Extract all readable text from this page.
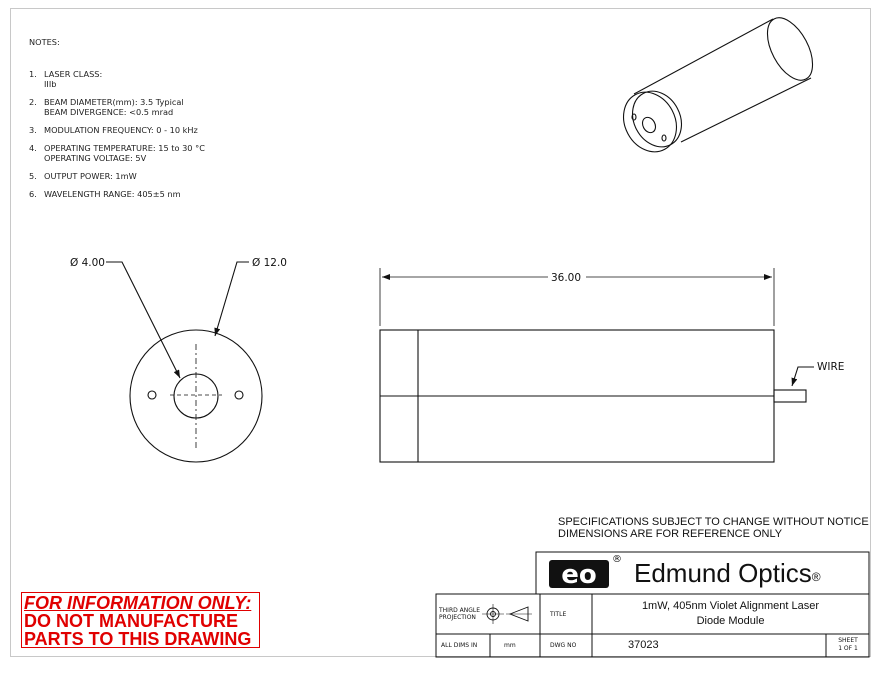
NOTES:

1. LASER CLASS:
IIIb
2. BEAM DIAMETER(mm): 3.5 Typical
BEAM DIVERGENCE: <0.5 mrad
3. MODULATION FREQUENCY: 0 - 10 kHz
4. OPERATING TEMPERATURE: 15 to 30 °C
OPERATING VOLTAGE: 5V
5. OUTPUT POWER: 1mW
6. WAVELENGTH RANGE: 405±5 nm
Ø 4.00	Ø 12.0
36.00
WIRE
eo
SPECIFICATIONS SUBJECT TO CHANGE WITHOUT NOTICE
DIMENSIONS ARE FOR REFERENCE ONLY
FOR INFORMATION ONLY:
DO NOT MANUFACTURE
PARTS TO THIS DRAWING
® Edmund Optics®
THIRD ANGLE
PROJECTION	TITLE
1mW, 405nm Violet Alignment Laser
Diode Module
ALL DIMS IN	mm	DWG NO	37023	SHEET
1 OF 1
